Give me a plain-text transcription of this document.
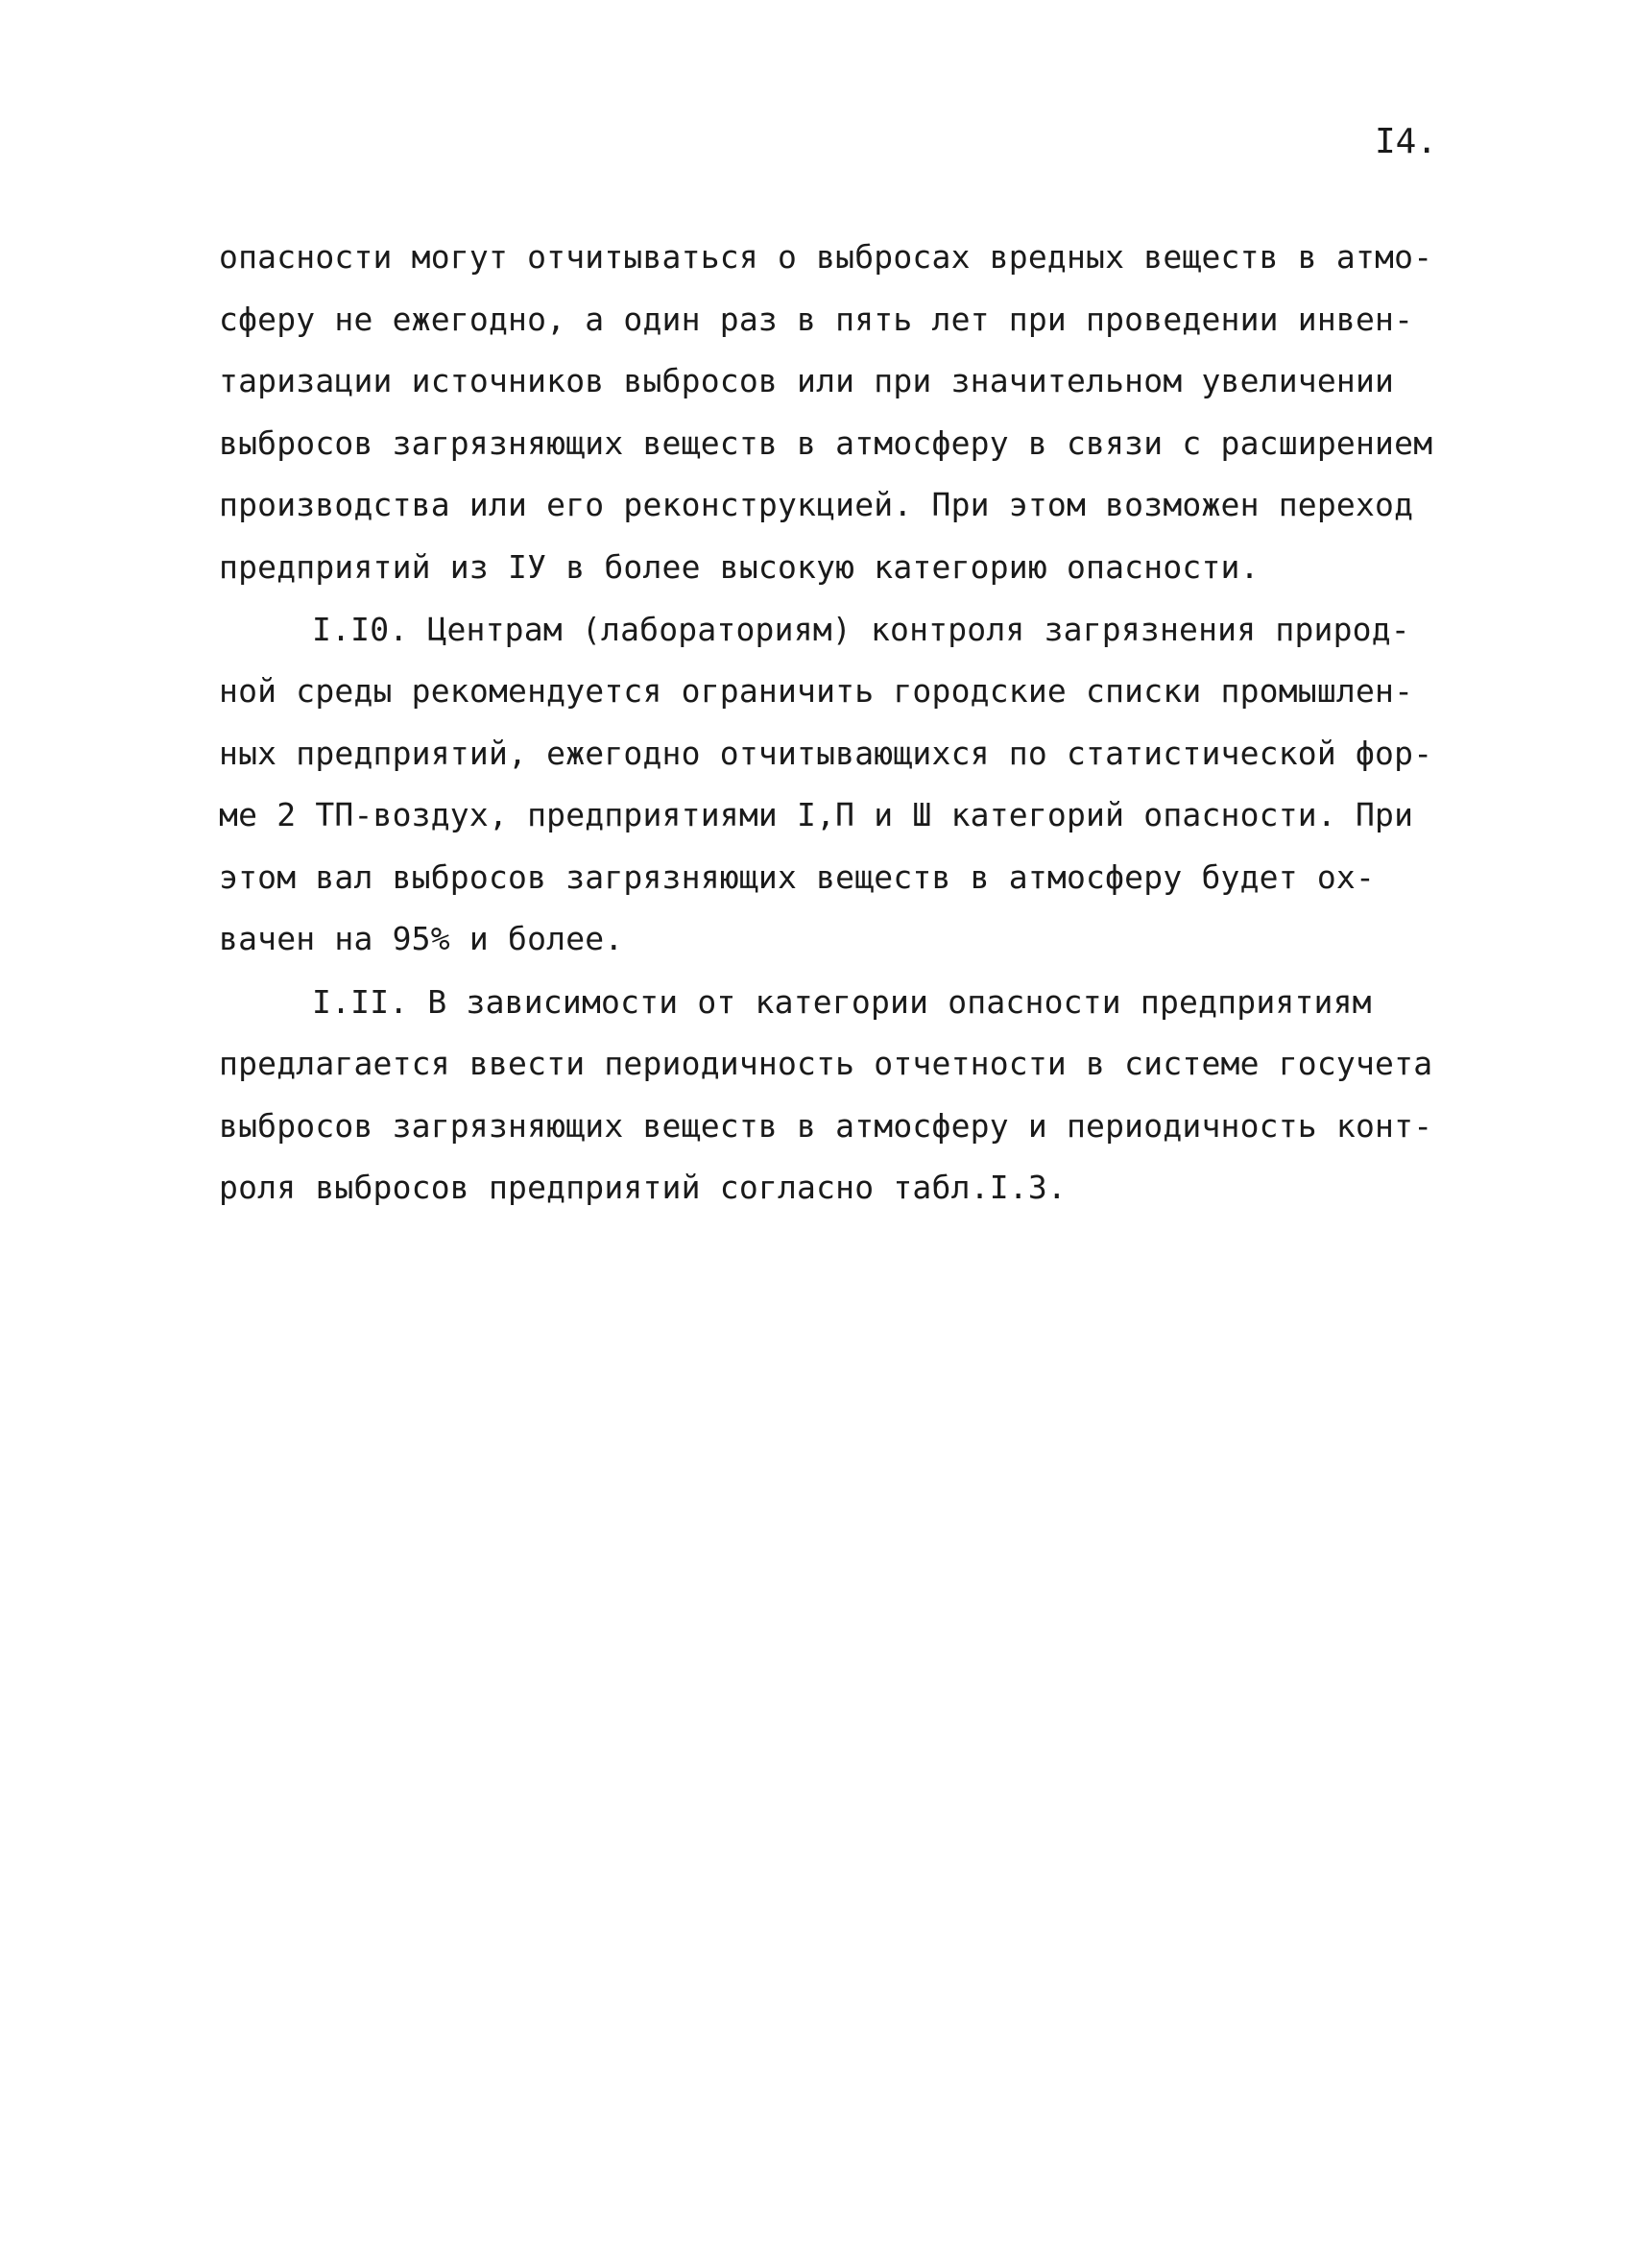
I4.
опасности могут отчитываться о выбросах вредных веществ в атмо-
сферу не ежегодно, а один раз в пять лет при проведении инвен-
таризации источников выбросов или при значительном увеличении
выбросов загрязняющих веществ в атмосферу в связи с расширением
производства или его реконструкцией. При этом возможен переход
предприятий из IУ в более высокую категорию опасности.
I.I0. Центрам (лабораториям) контроля загрязнения природ-
ной среды рекомендуется ограничить городские списки промышлен-
ных предприятий, ежегодно отчитывающихся по статистической фор-
ме 2 ТП-воздух, предприятиями I,П и Ш категорий опасности. При
этом вал выбросов загрязняющих веществ в атмосферу будет ох-
вачен на 95% и более.
I.II. В зависимости от категории опасности предприятиям
предлагается ввести периодичность отчетности в системе госучета
выбросов загрязняющих веществ в атмосферу и периодичность конт-
роля выбросов предприятий согласно табл.I.3.
